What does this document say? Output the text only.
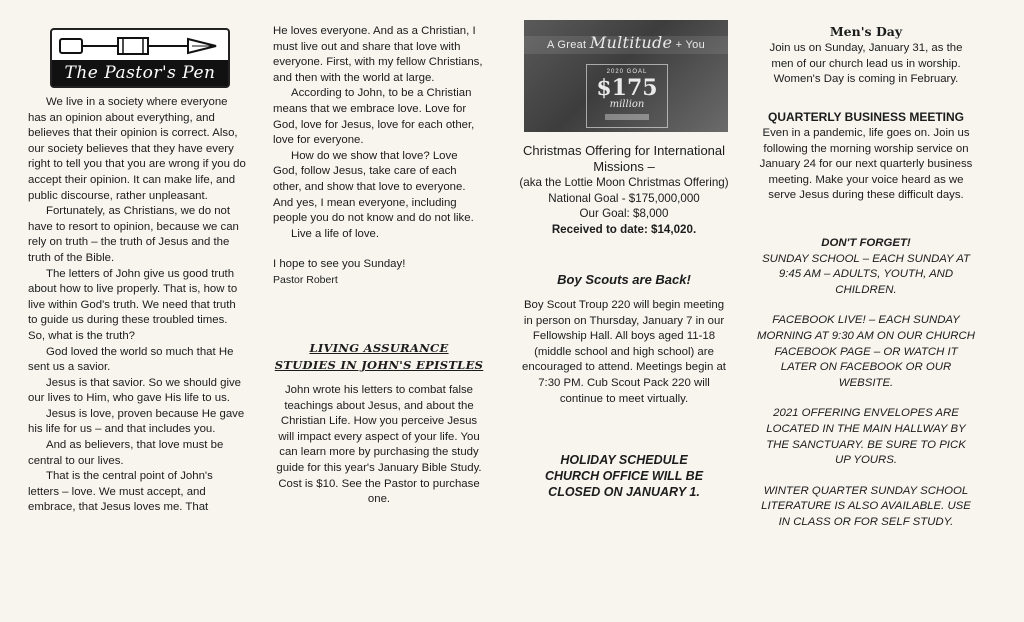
The Pastor's Pen

We live in a society where everyone has an opinion about everything, and believes that their opinion is correct. Also, our society believes that they have every right to tell you that you are wrong if you do accept their opinion. It can make life, and public discourse, rather unpleasant.

Fortunately, as Christians, we do not have to resort to opinion, because we can rely on truth – the truth of Jesus and the truth of the Bible.

The letters of John give us good truth about how to live properly. That is, how to live within God's truth. We need that truth to guide us during these troubled times. So, what is the truth?

God loved the world so much that He sent us a savior.

Jesus is that savior. So we should give our lives to Him, who gave His life to us.

Jesus is love, proven because He gave his life for us – and that includes you.

And as believers, that love must be central to our lives.

That is the central point of John's letters – love. We must accept, and embrace, that Jesus loves me. That

He loves everyone. And as a Christian, I must live out and share that love with everyone. First, with my fellow Christians, and then with the world at large.

According to John, to be a Christian means that we embrace love. Love for God, love for Jesus, love for each other, love for everyone.

How do we show that love? Love God, follow Jesus, take care of each other, and show that love to everyone. And yes, I mean everyone, including people you do not know and do not like.

Live a life of love.

I hope to see you Sunday!

Pastor Robert

LIVING ASSURANCE
STUDIES IN JOHN'S EPISTLES
John wrote his letters to combat false teachings about Jesus, and about the Christian Life. How you perceive Jesus will impact every aspect of your life. You can learn more by purchasing the study guide for this year's January Bible Study. Cost is $10. See the Pastor to purchase one.
A Great Multitude + You
2020 GOAL
$175
million
Christmas Offering for International Missions –
(aka the Lottie Moon Christmas Offering)
National Goal - $175,000,000
Our Goal: $8,000
Received to date: $14,020.
Boy Scouts are Back!
Boy Scout Troup 220 will begin meeting in person on Thursday, January 7 in our Fellowship Hall. All boys aged 11-18 (middle school and high school) are encouraged to attend. Meetings begin at 7:30 PM. Cub Scout Pack 220 will continue to meet virtually.
HOLIDAY SCHEDULE
CHURCH OFFICE WILL BE CLOSED ON JANUARY 1.
Men's Day
Join us on Sunday, January 31, as the men of our church lead us in worship. Women's Day is coming in February.
QUARTERLY BUSINESS MEETING
Even in a pandemic, life goes on. Join us following the morning worship service on January 24 for our next quarterly business meeting. Make your voice heard as we serve Jesus during these difficult days.
DON'T FORGET!
SUNDAY SCHOOL – EACH SUNDAY AT 9:45 AM – ADULTS, YOUTH, AND CHILDREN.
FACEBOOK LIVE! – EACH SUNDAY MORNING AT 9:30 AM ON OUR CHURCH FACEBOOK PAGE – OR WATCH IT LATER ON FACEBOOK OR OUR WEBSITE.
2021 OFFERING ENVELOPES ARE LOCATED IN THE MAIN HALLWAY BY THE SANCTUARY. BE SURE TO PICK UP YOURS.
WINTER QUARTER SUNDAY SCHOOL LITERATURE IS ALSO AVAILABLE. USE IN CLASS OR FOR SELF STUDY.
